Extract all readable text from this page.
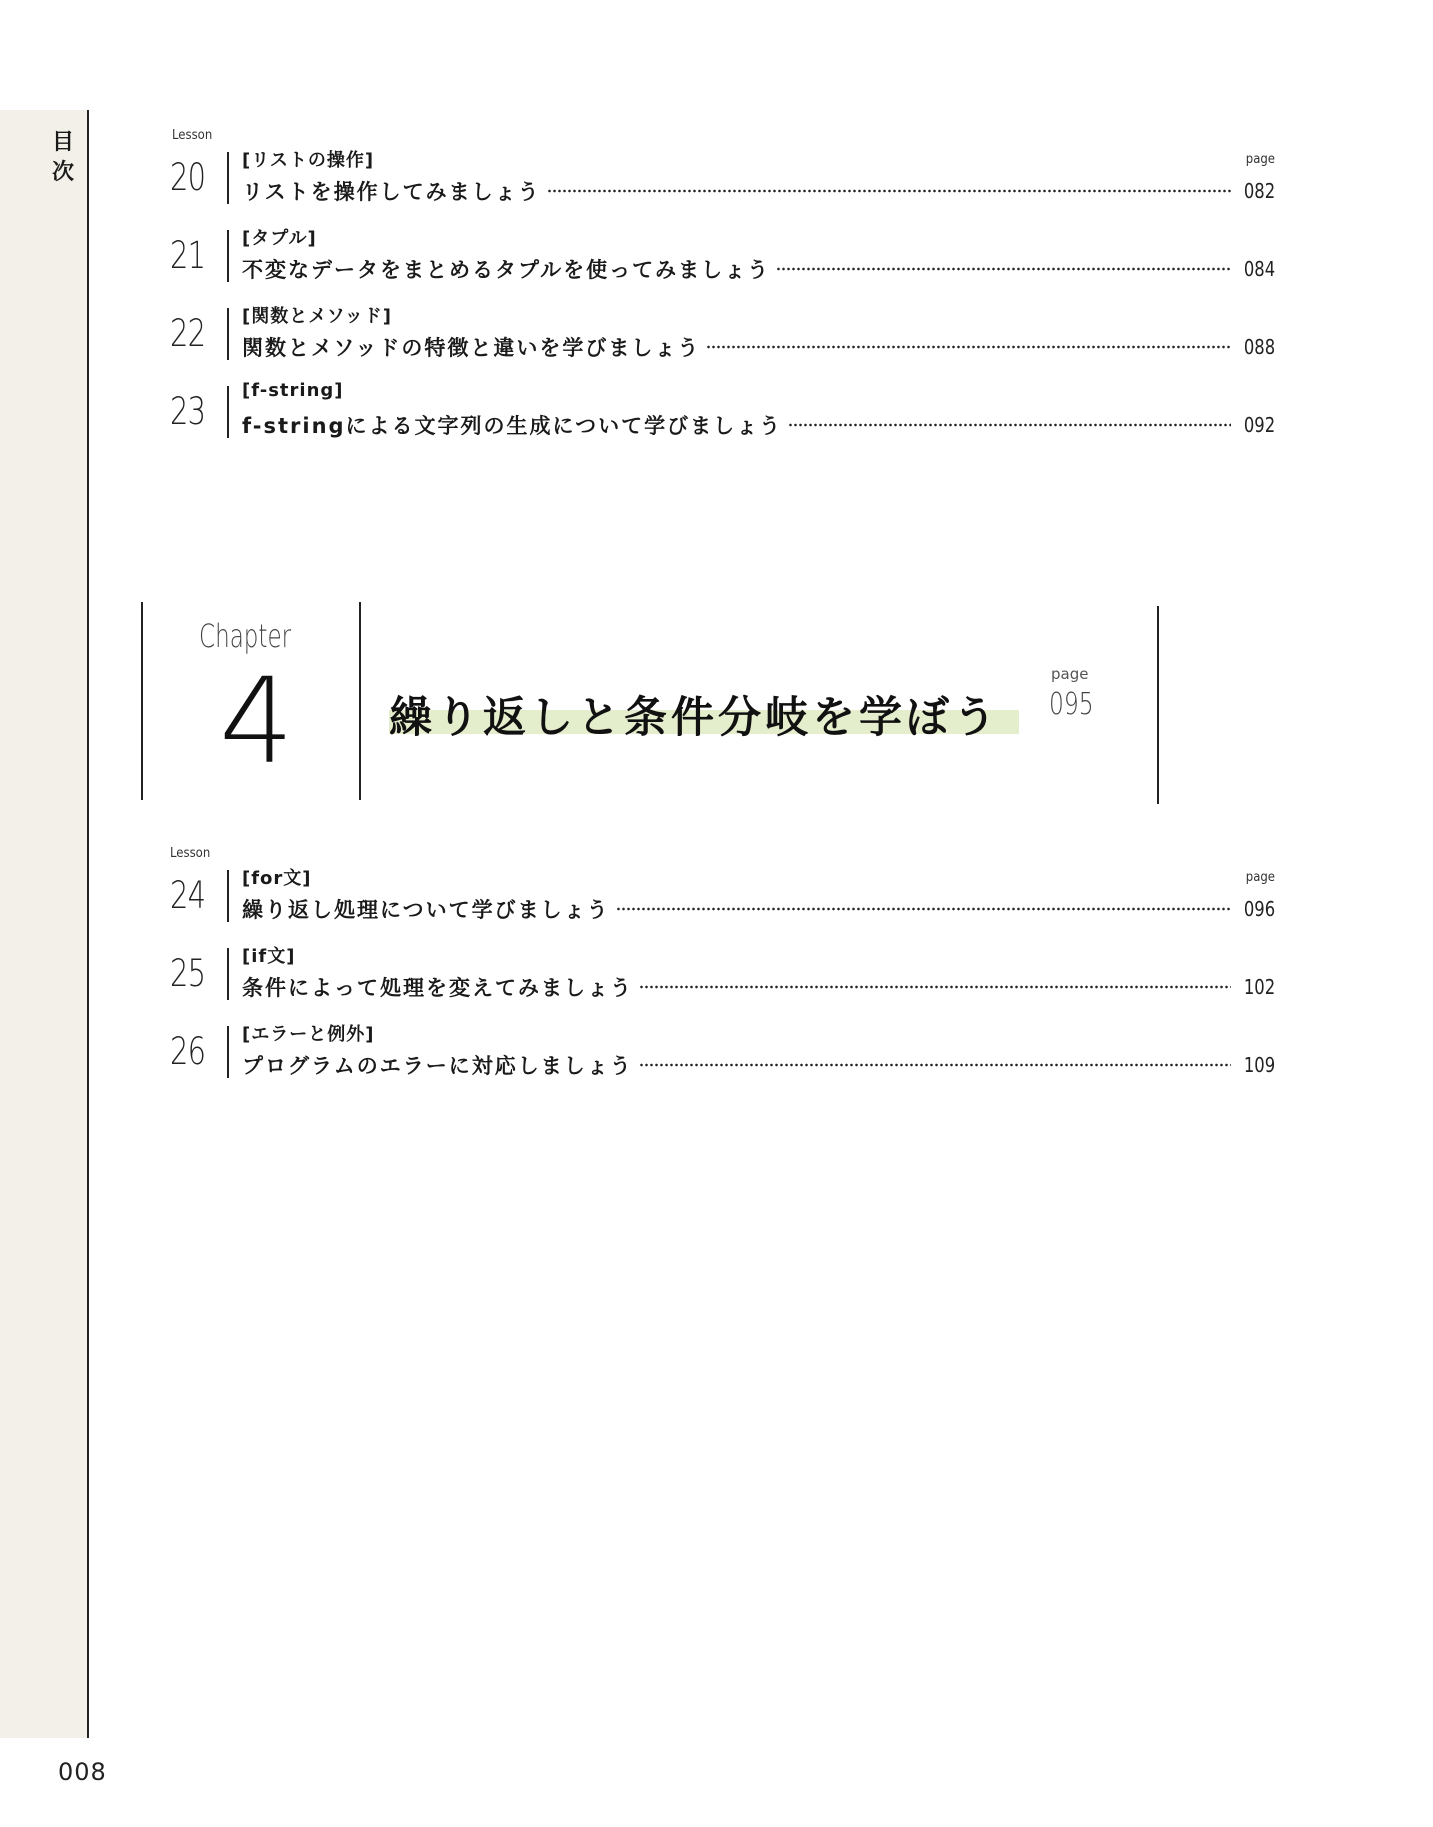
目次
Lesson
page
20 [リストの操作]
リストを操作してみましょう	082
21 [タプル]
不変なデータをまとめるタプルを使ってみましょう	084
22 [関数とメソッド]
関数とメソッドの特徴と違いを学びましょう	088
23 [f-string]
f-stringによる文字列の生成について学びましょう	092
Chapter
4 繰り返しと条件分岐を学ぼう
page
095
Lesson
page
24 [for文]
繰り返し処理について学びましょう	096
25 [if文]
条件によって処理を変えてみましょう	102
26 [エラーと例外]
プログラムのエラーに対応しましょう	109
008
